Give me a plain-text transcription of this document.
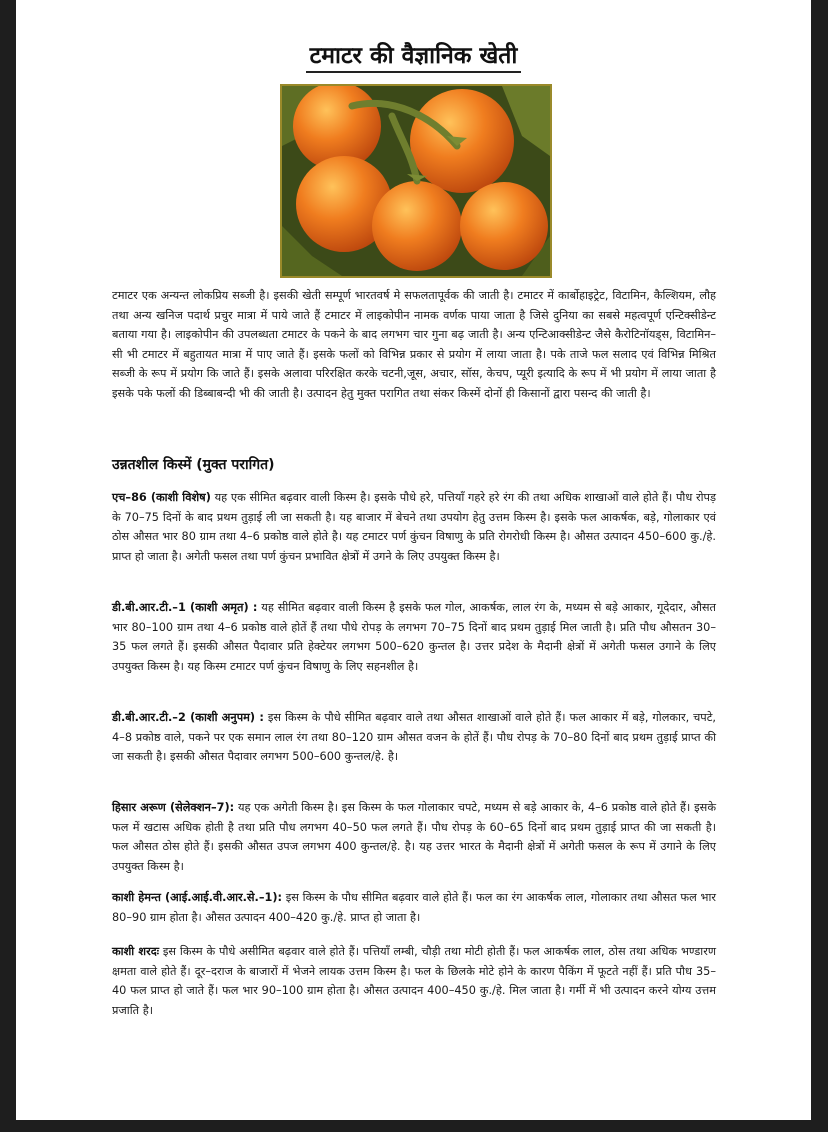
टमाटर की वैज्ञानिक खेती
टमाटर एक अन्यन्त लोकप्रिय सब्जी है। इसकी खेती सम्पूर्ण भारतवर्ष मे सफलतापूर्वक की जाती है। टमाटर में कार्बोहाइट्रेट, विटामिन, कैल्शियम, लौह तथा अन्य खनिज पदार्थ प्रचुर मात्रा में पाये जाते हैं टमाटर में लाइकोपीन नामक वर्णक पाया जाता है जिसे दुनिया का सबसे महत्वपूर्ण एन्टिक्सीडेन्ट बताया गया है। लाइकोपीन की उपलब्धता टमाटर के पकने के बाद लगभग चार गुना बढ़ जाती है। अन्य एन्टिआक्सीडेन्ट जैसे कैरोटिनॉयड्स, विटामिन–सी भी टमाटर में बहुतायत मात्रा में पाए जाते हैं। इसके फलों को विभिन्न प्रकार से प्रयोग में लाया जाता है। पके ताजे फल सलाद एवं विभिन्न मिश्रित सब्जी के रूप में प्रयोग कि जाते हैं। इसके अलावा परिरक्षित करके चटनी,जूस, अचार, सॉस, केचप, प्यूरी इत्यादि के रूप में भी प्रयोग में लाया जाता है इसके पके फलों की डिब्बाबन्दी भी की जाती है। उत्पादन हेतु मुक्त परागित तथा संकर किस्में दोनों ही किसानों द्वारा पसन्द की जाती है।
उन्नतशील किस्में (मुक्त परागित)
एच–86 (काशी विशेष) यह एक सीमित बढ़वार वाली किस्म है। इसके पौधे हरे, पत्तियाँ गहरे हरे रंग की तथा अधिक शाखाओं वाले होते हैं। पौध रोपड़ के 70–75 दिनों के बाद प्रथम तुड़ाई ली जा सकती है। यह बाजार में बेचने तथा उपयोग हेतु उत्तम किस्म है। इसके फल आकर्षक, बड़े, गोलाकार एवं ठोस औसत भार 80 ग्राम तथा 4–6 प्रकोष्ठ वाले होते है। यह टमाटर पर्ण कुंचन विषाणु के प्रति रोगरोधी किस्म है। औसत उत्पादन 450–600 कु./हे. प्राप्त हो जाता है। अगेती फसल तथा पर्ण कुंचन प्रभावित क्षेत्रों में उगने के लिए उपयुक्त किस्म है।
डी.बी.आर.टी.–1 (काशी अमृत) : यह सीमित बढ़वार वाली किस्म है इसके फल गोल, आकर्षक, लाल रंग के, मध्यम से बड़े आकार, गूदेदार, औसत भार 80–100 ग्राम तथा 4–6 प्रकोष्ठ वाले होतें हैं तथा पौधे रोपड़ के लगभग 70–75 दिनों बाद प्रथम तुड़ाई मिल जाती है। प्रति पौध औसतन 30–35 फल लगते हैं। इसकी औसत पैदावार प्रति हेक्टेयर लगभग 500–620 कुन्तल है। उत्तर प्रदेश के मैदानी क्षेत्रों में अगेती फसल उगाने के लिए उपयुक्त किस्म है। यह किस्म टमाटर पर्ण कुंचन विषाणु के लिए सहनशील है।
डी.बी.आर.टी.–2 (काशी अनुपम) : इस किस्म के पौधे सीमित बढ़वार वाले तथा औसत शाखाओं वाले होते हैं। फल आकार में बड़े, गोलकार, चपटे, 4–8 प्रकोष्ठ वाले, पकने पर एक समान लाल रंग तथा 80–120 ग्राम औसत वजन के होतें हैं। पौध रोपड़ के 70–80 दिनों बाद प्रथम तुड़ाई प्राप्त की जा सकती है। इसकी औसत पैदावार लगभग 500–600 कुन्तल/हे. है।
हिसार अरूण (सेलेक्शन–7): यह एक अगेती किस्म है। इस किस्म के फल गोलाकार चपटे, मध्यम से बड़े आकार के, 4–6 प्रकोष्ठ वाले होते हैं। इसके फल में खटास अधिक होती है तथा प्रति पौध लगभग 40–50 फल लगते हैं। पौध रोपड़ के 60–65 दिनों बाद प्रथम तुड़ाई प्राप्त की जा सकती है। फल औसत ठोस होते हैं। इसकी औसत उपज लगभग 400 कुन्तल/हे. है। यह उत्तर भारत के मैदानी क्षेत्रों में अगेती फसल के रूप में उगाने के लिए उपयुक्त किस्म है।
काशी हेमन्त (आई.आई.वी.आर.से.–1): इस किस्म के पौध सीमित बढ़वार वाले होते हैं। फल का रंग आकर्षक लाल, गोलाकार तथा औसत फल भार 80–90 ग्राम होता है। औसत उत्पादन 400–420 कु./हे. प्राप्त हो जाता है।
काशी शरदः इस किस्म के पौधे असीमित बढ़वार वाले होते हैं। पत्तियाँ लम्बी, चौड़ी तथा मोटी होती हैं। फल आकर्षक लाल, ठोस तथा अधिक भण्डारण क्षमता वाले होते हैं। दूर–दराज के बाजारों में भेजने लायक उत्तम किस्म है। फल के छिलके मोटे होने के कारण पैकिंग में फूटते नहीं हैं। प्रति पौध 35–40 फल प्राप्त हो जाते हैं। फल भार 90–100 ग्राम होता है। औसत उत्पादन 400–450 कु./हे. मिल जाता है। गर्मी में भी उत्पादन करने योग्य उत्तम प्रजाति है।
